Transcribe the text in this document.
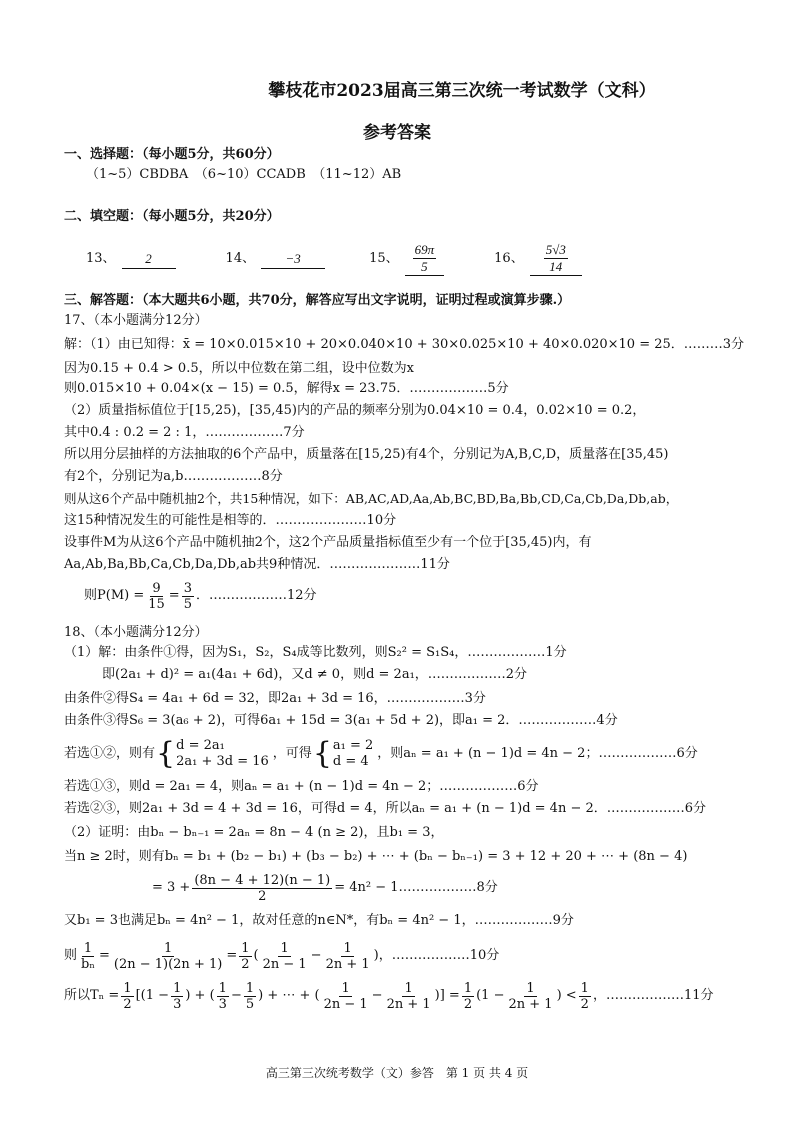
攀枝花市2023届高三第三次统一考试数学（文科）
参考答案
一、选择题：（每小题5分，共60分）
（1~5）CBDBA　（6~10）CCADB　（11~12）AB
二、填空题：（每小题5分，共20分）
13、	2	14、	−3	15、 $\frac{69\pi}{5}$	16、 $\frac{5√3}{14}$
三、解答题：（本大题共6小题，共70分，解答应写出文字说明，证明过程或演算步骤.）
17、（本小题满分12分）
解：（1）由已知得：x̄ = 10×0.015×10 + 20×0.040×10 + 30×0.025×10 + 40×0.020×10 = 25．………3分
因为0.15 + 0.4 > 0.5，所以中位数在第二组，设中位数为x
则0.015×10 + 0.04×(x − 15) = 0.5，解得x = 23.75．………………5分
（2）质量指标值位于[15,25)，[35,45)内的产品的频率分别为0.04×10 = 0.4，0.02×10 = 0.2，
其中0.4 : 0.2 = 2 : 1，………………7分
所以用分层抽样的方法抽取的6个产品中，质量落在[15,25)有4个，分别记为A,B,C,D，质量落在[35,45)
有2个，分别记为a,b………………8分
则从这6个产品中随机抽2个，共15种情况，如下：AB,AC,AD,Aa,Ab,BC,BD,Ba,Bb,CD,Ca,Cb,Da,Db,ab，
这15种情况发生的可能性是相等的．…………………10分
设事件M为从这6个产品中随机抽2个，这2个产品质量指标值至少有一个位于[35,45)内，有
Aa,Ab,Ba,Bb,Ca,Cb,Da,Db,ab共9种情况．…………………11分
则$P(M) = \frac{9}{15} = \frac{3}{5}$ ．………………12分
18、（本小题满分12分）
（1）解：由条件①得，因为S₁，S₂，S₄成等比数列，则S₂² = S₁S₄，………………1分
即(2a₁ + d)² = a₁(4a₁ + 6d)，又d ≠ 0，则d = 2a₁，………………2分
由条件②得S₄ = 4a₁ + 6d = 32，即2a₁ + 3d = 16，………………3分
由条件③得S₆ = 3(a₆ + 2)，可得6a₁ + 15d = 3(a₁ + 5d + 2)，即a₁ = 2．………………4分
若选①②，则有 { d = 2a₁
2a₁ + 3d = 16
，可得 { a₁ = 2
d = 4
，则aₙ = a₁ + (n − 1)d = 4n − 2；………………6分
若选①③，则d = 2a₁ = 4，则aₙ = a₁ + (n − 1)d = 4n − 2；………………6分
若选②③，则2a₁ + 3d = 4 + 3d = 16，可得d = 4，所以aₙ = a₁ + (n − 1)d = 4n − 2．………………6分
（2）证明：由bₙ − bₙ₋₁ = 2aₙ = 8n − 4 (n ≥ 2)，且b₁ = 3，
当n ≥ 2时，则有bₙ = b₁ + (b₂ − b₁) + (b₃ − b₂) + ⋯ + (bₙ − bₙ₋₁) = 3 + 12 + 20 + ⋯ + (8n − 4)
= $3 + \frac{(8n - 4 + 12)(n - 1)}{2} = 4n^2$ − 1………………8分
又b₁ = 3也满足bₙ = 4n² − 1，故对任意的n∈N*，有bₙ = 4n² − 1，………………9分
则 $\frac{1}{\text{bₙ}} = \frac{1}{(2n - 1)(2n + 1)} = \frac{1}{2}$ ( $\frac{1}{2n - 1} - \frac{1}{2n + 1}$ )，………………10分
所以$T_n = \frac{1}{2} [(1 - \frac{1}{3}$ ) + ( $\frac{1}{3} - \frac{1}{5}$ ) + ⋯ + ( $\frac{1}{2n - 1} - \frac{1}{2n + 1}$ )] = $\frac{1}{2} (1 - \frac{1}{2n + 1}$ ) < $\frac{1}{2}$ ，………………11分
高三第三次统考数学（文）参答　第 1 页 共 4 页
